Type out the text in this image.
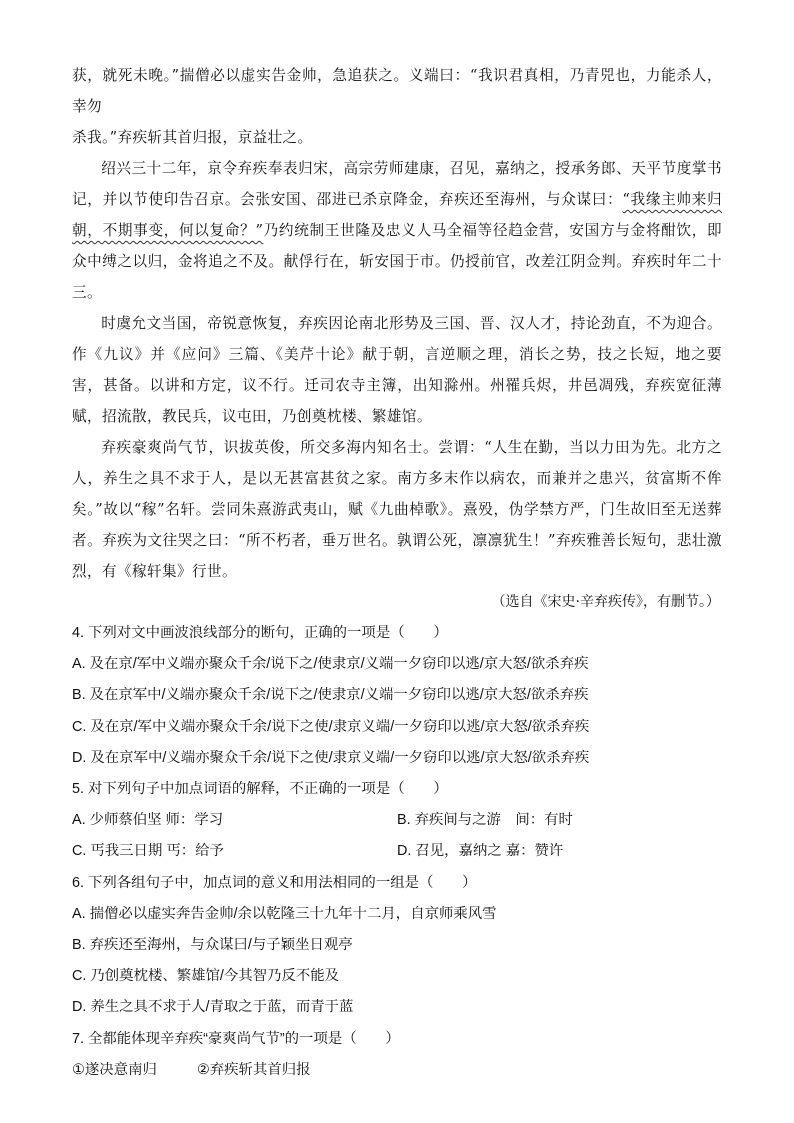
获，就死未晚。”揣僧必以虚实告金帅，急追获之。义端曰：“我识君真相，乃青兕也，力能杀人，幸勿

杀我。”弃疾斩其首归报，京益壮之。

绍兴三十二年，京令弃疾奉表归宋，高宗劳师建康，召见，嘉纳之，授承务郎、天平节度掌书记，并以节使印告召京。会张安国、邵进已杀京降金，弃疾还至海州，与众谋曰：“我缘主帅来归朝，不期事变，何以复命？”乃约统制王世隆及忠义人马全福等径趋金营，安国方与金将酣饮，即众中缚之以归，金将追之不及。献俘行在，斩安国于市。仍授前官，改差江阴佥判。弃疾时年二十三。

时虞允文当国，帝锐意恢复，弃疾因论南北形势及三国、晋、汉人才，持论劲直，不为迎合。作《九议》并《应问》三篇、《美芹十论》献于朝，言逆顺之理，消长之势，技之长短，地之要害，甚备。以讲和方定，议不行。迁司农寺主簿，出知滁州。州罹兵烬，井邑凋残，弃疾宽征薄赋，招流散，教民兵，议屯田，乃创奠枕楼、繁雄馆。

弃疾豪爽尚气节，识拔英俊，所交多海内知名士。尝谓：“人生在勤，当以力田为先。北方之人，养生之具不求于人，是以无甚富甚贫之家。南方多末作以病农，而兼并之患兴，贫富斯不侔矣。”故以“稼”名轩。尝同朱熹游武夷山，赋《九曲棹歌》。熹殁，伪学禁方严，门生故旧至无送葬者。弃疾为文往哭之曰：“所不朽者，垂万世名。孰谓公死，凛凛犹生！”弃疾雅善长短句，悲壮激烈，有《稼轩集》行世。

（选自《宋史·辛弃疾传》，有删节。）

4. 下列对文中画波浪线部分的断句，正确的一项是（　　）

A. 及在京/军中义端亦聚众千余/说下之/使隶京/义端一夕窃印以逃/京大怒/欲杀弃疾

B. 及在京军中/义端亦聚众千余/说下之/使隶京/义端一夕窃印以逃/京大怒/欲杀弃疾

C. 及在京/军中义端亦聚众千余/说下之使/隶京义端/一夕窃印以逃/京大怒/欲杀弃疾

D. 及在京军中/义端亦聚众千余/说下之使/隶京义端/一夕窃印以逃/京大怒/欲杀弃疾

5. 对下列句子中加点词语的解释，不正确的一项是（　　）

A. 少师蔡伯坚 师：学习	B. 弃疾间与之游　间：有时

C. 丐我三日期 丐：给予	D. 召见，嘉纳之 嘉：赞许

6. 下列各组句子中，加点词的意义和用法相同的一组是（　　）

A. 揣僧必以虚实奔告金帅/余以乾隆三十九年十二月，自京师乘风雪

B. 弃疾还至海州，与众谋曰/与子颖坐日观亭

C. 乃创奠枕楼、繁雄馆/今其智乃反不能及

D. 养生之具不求于人/青取之于蓝，而青于蓝

7. 全都能体现辛弃疾“豪爽尚气节”的一项是（　　）

①遂决意南归	②弃疾斩其首归报
